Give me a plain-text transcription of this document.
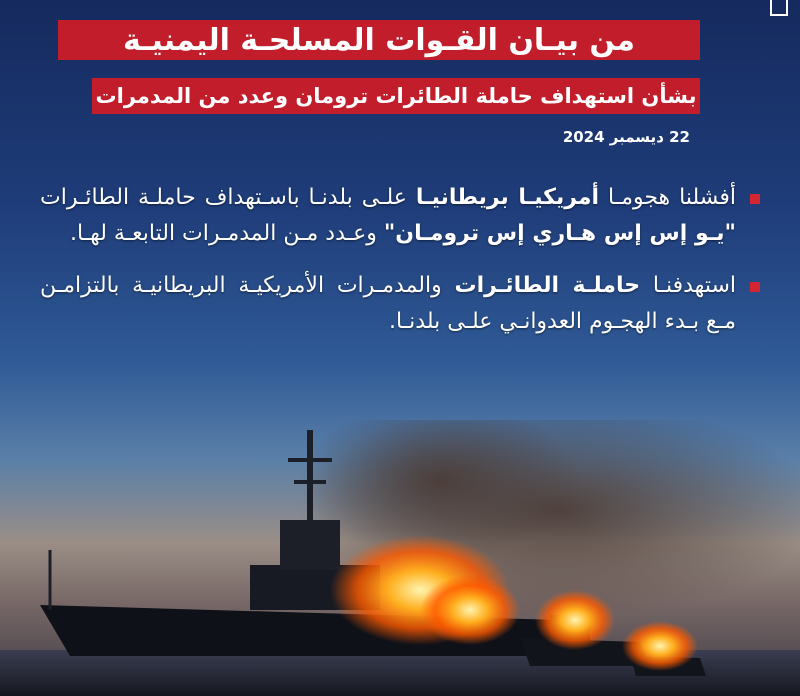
من بيـان القـوات المسلحـة اليمنيـة
بشأن استهداف حاملة الطائرات ترومان وعدد من المدمرات
22 ديسمبر 2024
أفشلنا هجومـا أمريكيـا بريطانيـا علـى بلدنـا باسـتهداف حاملـة الطائـرات "يـو إس إس هـاري إس ترومـان" وعـدد مـن المدمـرات التابعـة لهـا.
استهدفنـا حاملـة الطائـرات والمدمـرات الأمريكيـة البريطانيـة بالتزامـن مـع بـدء الهجـوم العدوانـي علـى بلدنـا.
